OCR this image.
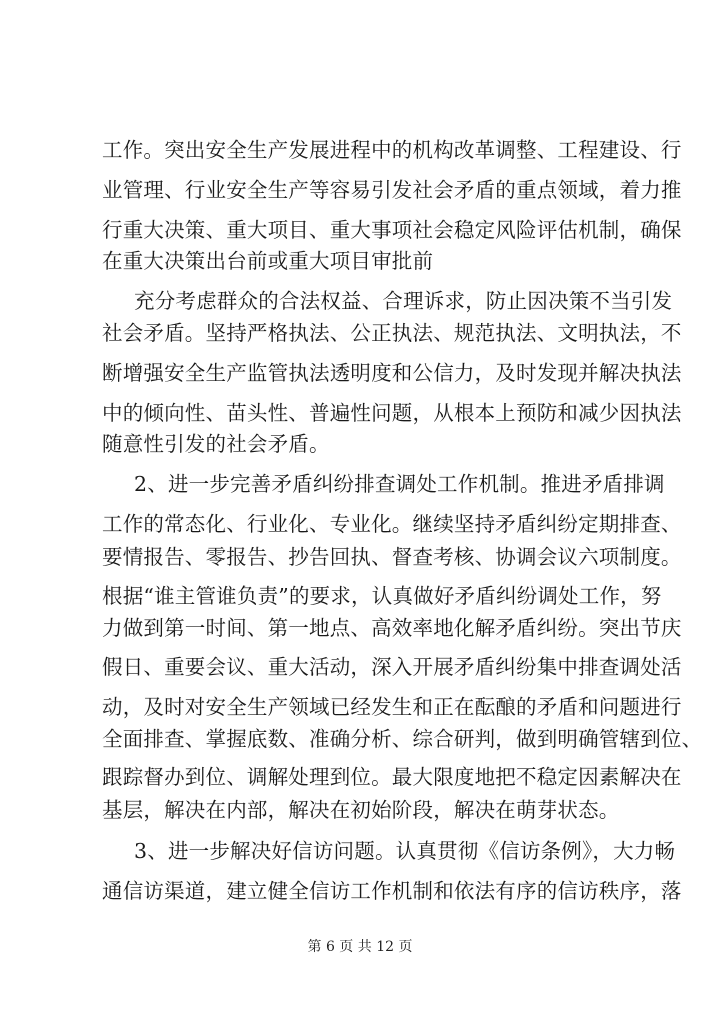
工作。突出安全生产发展进程中的机构改革调整、工程建设、行
业管理、行业安全生产等容易引发社会矛盾的重点领域，着力推
行重大决策、重大项目、重大事项社会稳定风险评估机制，确保
在重大决策出台前或重大项目审批前
充分考虑群众的合法权益、合理诉求，防止因决策不当引发
社会矛盾。坚持严格执法、公正执法、规范执法、文明执法，不
断增强安全生产监管执法透明度和公信力，及时发现并解决执法
中的倾向性、苗头性、普遍性问题，从根本上预防和减少因执法
随意性引发的社会矛盾。
2、进一步完善矛盾纠纷排查调处工作机制。推进矛盾排调
工作的常态化、行业化、专业化。继续坚持矛盾纠纷定期排查、
要情报告、零报告、抄告回执、督查考核、协调会议六项制度。
根据“谁主管谁负责”的要求，认真做好矛盾纠纷调处工作，努
力做到第一时间、第一地点、高效率地化解矛盾纠纷。突出节庆
假日、重要会议、重大活动，深入开展矛盾纠纷集中排查调处活
动，及时对安全生产领域已经发生和正在酝酿的矛盾和问题进行
全面排查、掌握底数、准确分析、综合研判，做到明确管辖到位、
跟踪督办到位、调解处理到位。最大限度地把不稳定因素解决在
基层，解决在内部，解决在初始阶段，解决在萌芽状态。
3、进一步解决好信访问题。认真贯彻《信访条例》，大力畅
通信访渠道，建立健全信访工作机制和依法有序的信访秩序，落
第 6 页 共 12 页
